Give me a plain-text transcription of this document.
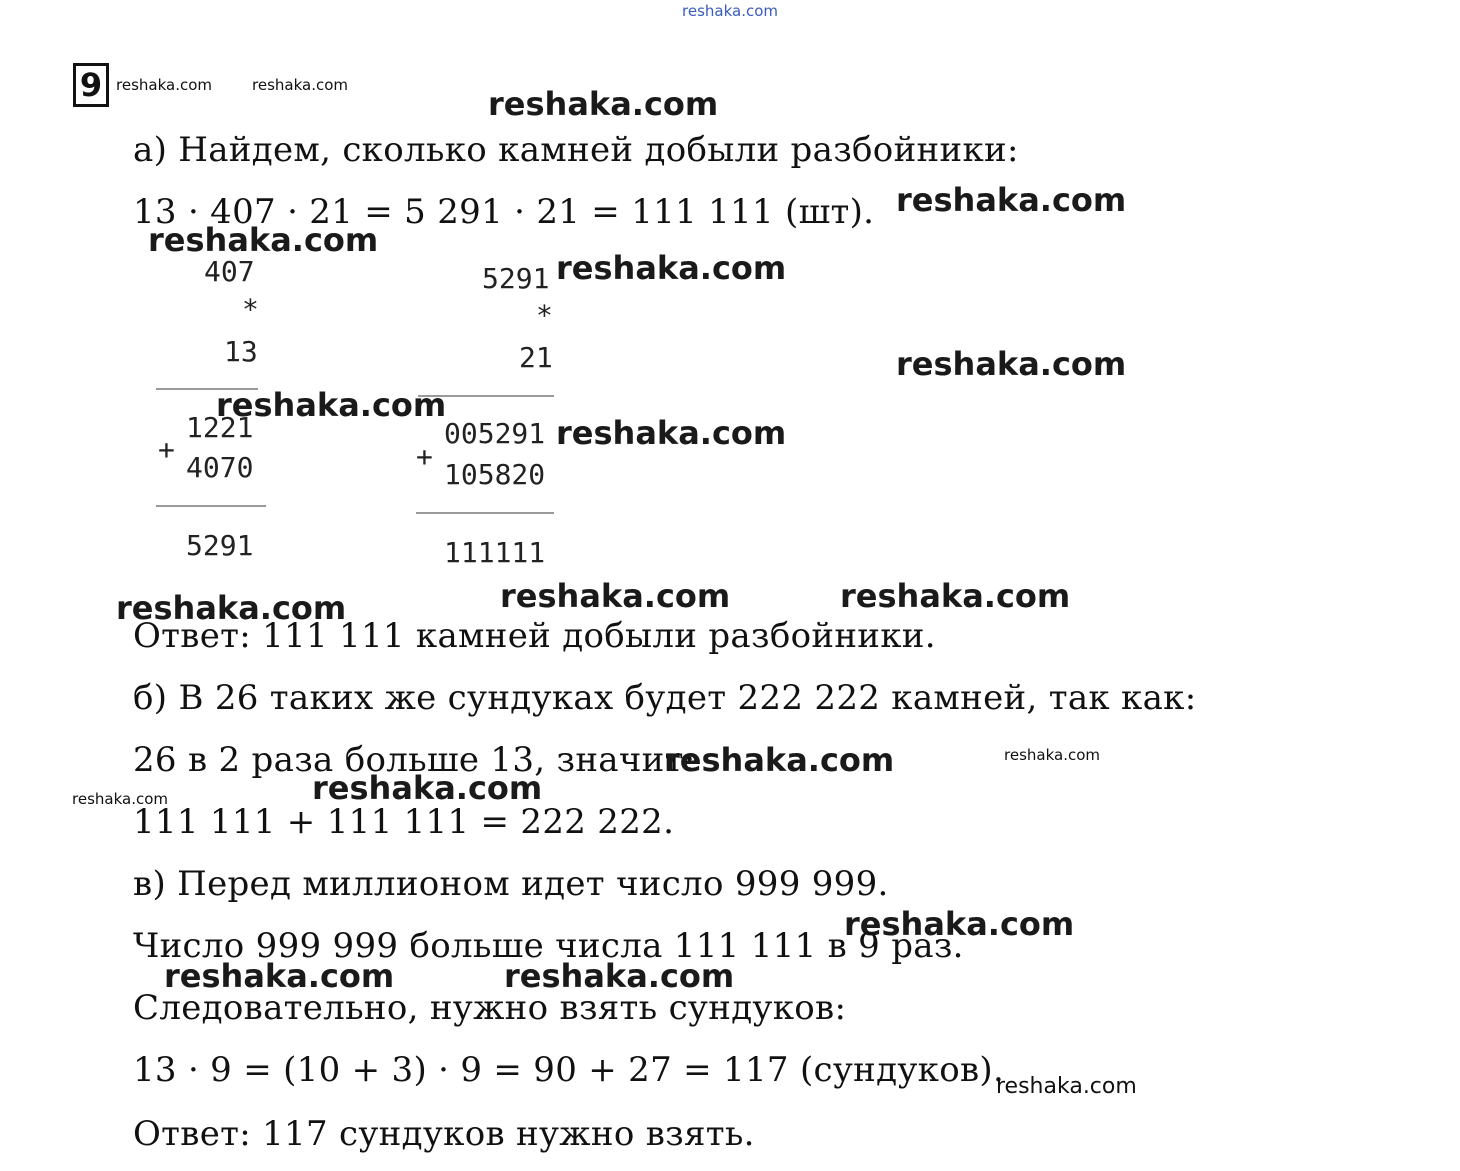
reshaka.com
9 reshaka.com	reshaka.com	reshaka.com
а) Найдем, сколько камней добыли разбойники:
13 · 407 · 21 = 5 291 · 21 = 111 111 (шт). reshaka.com
reshaka.com
407
*
13
1221
+
4070
5291
5291
*
21
005291
+
105820
111111
reshaka.com
reshaka.com
reshaka.com
reshaka.com
reshaka.com	reshaka.com	reshaka.com
Ответ: 111 111 камней добыли разбойники.
б) В 26 таких же сундуках будет 222 222 камней, так как:
26 в 2 раза больше 13, значит:
reshaka.com	reshaka.com
reshaka.com	reshaka.com
111 111 + 111 111 = 222 222.
в) Перед миллионом идет число 999 999.
reshaka.com
Число 999 999 больше числа 111 111 в 9 раз.
reshaka.com	reshaka.com
Следовательно, нужно взять сундуков:
13 · 9 = (10 + 3) · 9 = 90 + 27 = 117 (сундуков).
reshaka.com
Ответ: 117 сундуков нужно взять.
